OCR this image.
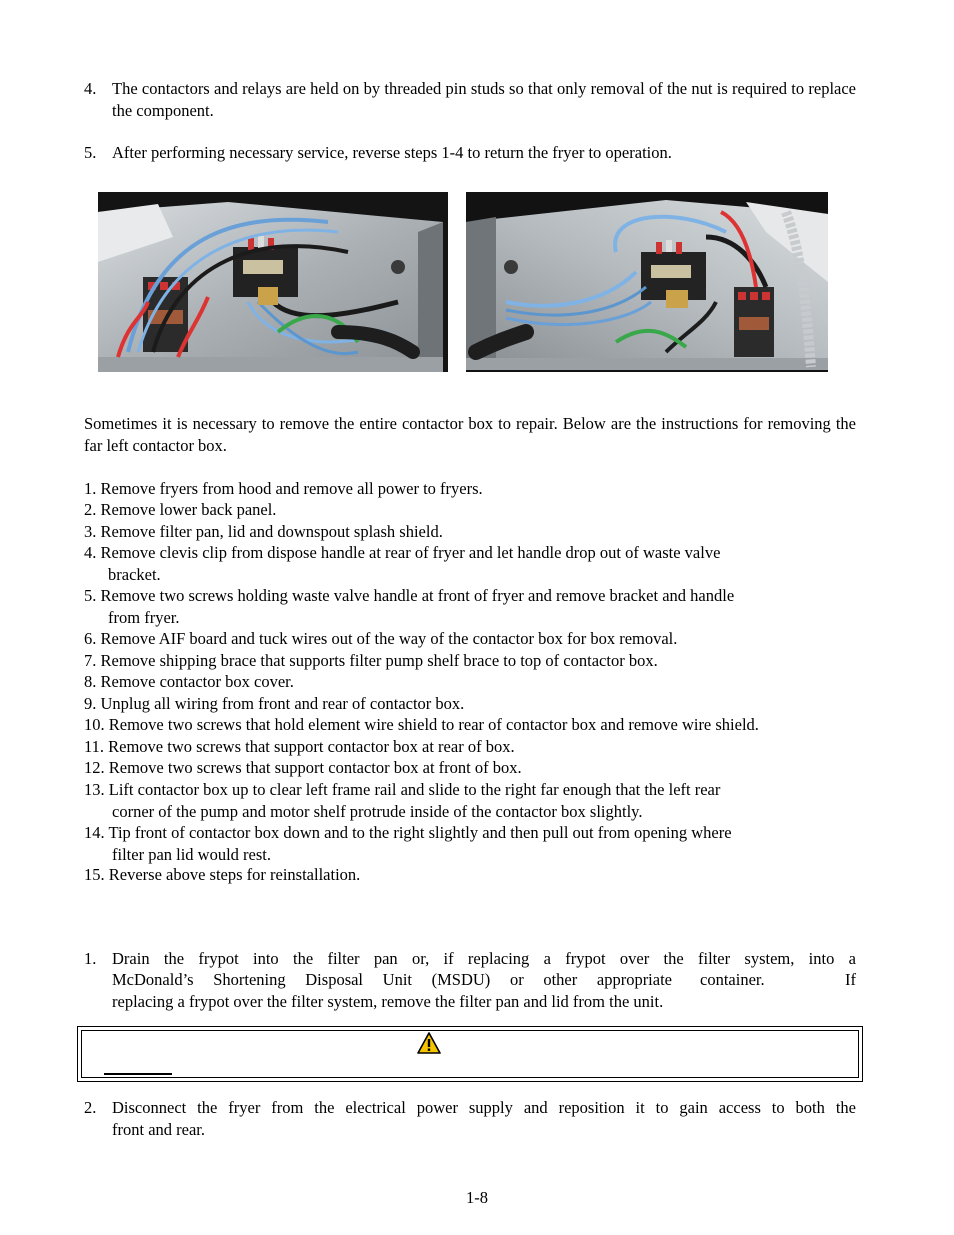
4. The contactors and relays are held on by threaded pin studs so that only removal of the nut is required to replace the component.
5. After performing necessary service, reverse steps 1-4 to return the fryer to operation.
Sometimes it is necessary to remove the entire contactor box to repair. Below are the instructions for removing the far left contactor box.
1. Remove fryers from hood and remove all power to fryers.
2. Remove lower back panel.
3. Remove filter pan, lid and downspout splash shield.
4. Remove clevis clip from dispose handle at rear of fryer and let handle drop out of waste valve
bracket.
5. Remove two screws holding waste valve handle at front of fryer and remove bracket and handle
from fryer.
6. Remove AIF board and tuck wires out of the way of the contactor box for box removal.
7. Remove shipping brace that supports filter pump shelf brace to top of contactor box.
8. Remove contactor box cover.
9. Unplug all wiring from front and rear of contactor box.
10. Remove two screws that hold element wire shield to rear of contactor box and remove wire shield.
11. Remove two screws that support contactor box at rear of box.
12. Remove two screws that support contactor box at front of box.
13. Lift contactor box up to clear left frame rail and slide to the right far enough that the left rear
corner of the pump and motor shelf protrude inside of the contactor box slightly.
14. Tip front of contactor box down and to the right slightly and then pull out from opening where
filter pan lid would rest.
15. Reverse above steps for reinstallation.
1. Drain the frypot into the filter pan or, if replacing a frypot over the filter system, into a
McDonald’s Shortening Disposal Unit (MSDU) or other appropriate container. If
replacing a frypot over the filter system, remove the filter pan and lid from the unit.
2. Disconnect the fryer from the electrical power supply and reposition it to gain access to both the
front and rear.
1-8
